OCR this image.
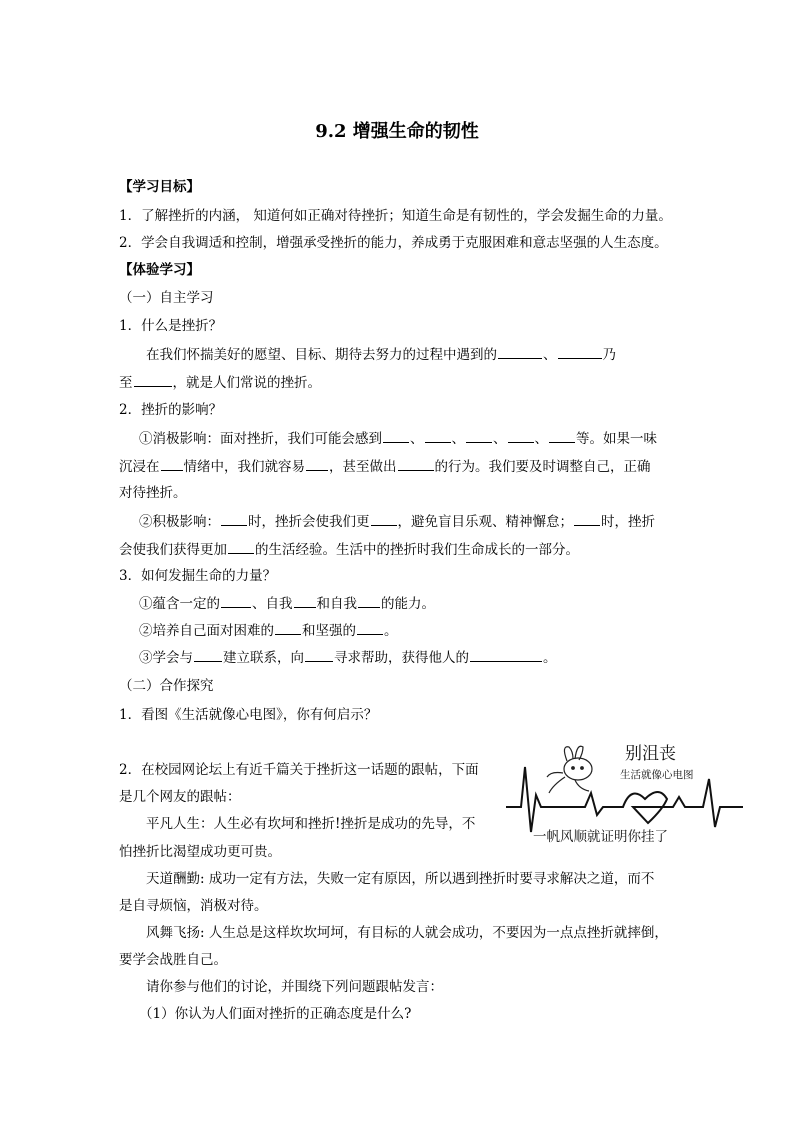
9.2 增强生命的韧性
【学习目标】
1．了解挫折的内涵， 知道何如正确对待挫折；知道生命是有韧性的，学会发掘生命的力量。
2．学会自我调适和控制，增强承受挫折的能力，养成勇于克服困难和意志坚强的人生态度。
【体验学习】
（一）自主学习
1．什么是挫折？
在我们怀揣美好的愿望、目标、期待去努力的过程中遇到的	、	乃
至	，就是人们常说的挫折。
2．挫折的影响？
①消极影响：面对挫折，我们可能会感到 、 、 、 、 等。如果一味
沉浸在 情绪中，我们就容易 ，甚至做出	的行为。我们要及时调整自己，正确
对待挫折。
②积极影响： 时，挫折会使我们更 ，避免盲目乐观、精神懈怠； 时，挫折
会使我们获得更加 的生活经验。生活中的挫折时我们生命成长的一部分。
3．如何发掘生命的力量？
①蕴含一定的 、自我 和自我 的能力。
②培养自己面对困难的 和坚强的 。
③学会与 建立联系，向 寻求帮助，获得他人的	。
（二）合作探究
1．看图《生活就像心电图》，你有何启示？
2．在校园网论坛上有近千篇关于挫折这一话题的跟帖，下面
是几个网友的跟帖：
平凡人生：人生必有坎坷和挫折!挫折是成功的先导，不
怕挫折比渴望成功更可贵。
天道酬勤: 成功一定有方法，失败一定有原因，所以遇到挫折时要寻求解决之道，而不
是自寻烦恼，消极对待。
风舞飞扬: 人生总是这样坎坎坷坷，有目标的人就会成功，不要因为一点点挫折就摔倒，
要学会战胜自己。
请你参与他们的讨论，并围绕下列问题跟帖发言：
（1）你认为人们面对挫折的正确态度是什么?
别沮丧
生活就像心电图
一帆风顺就证明你挂了
